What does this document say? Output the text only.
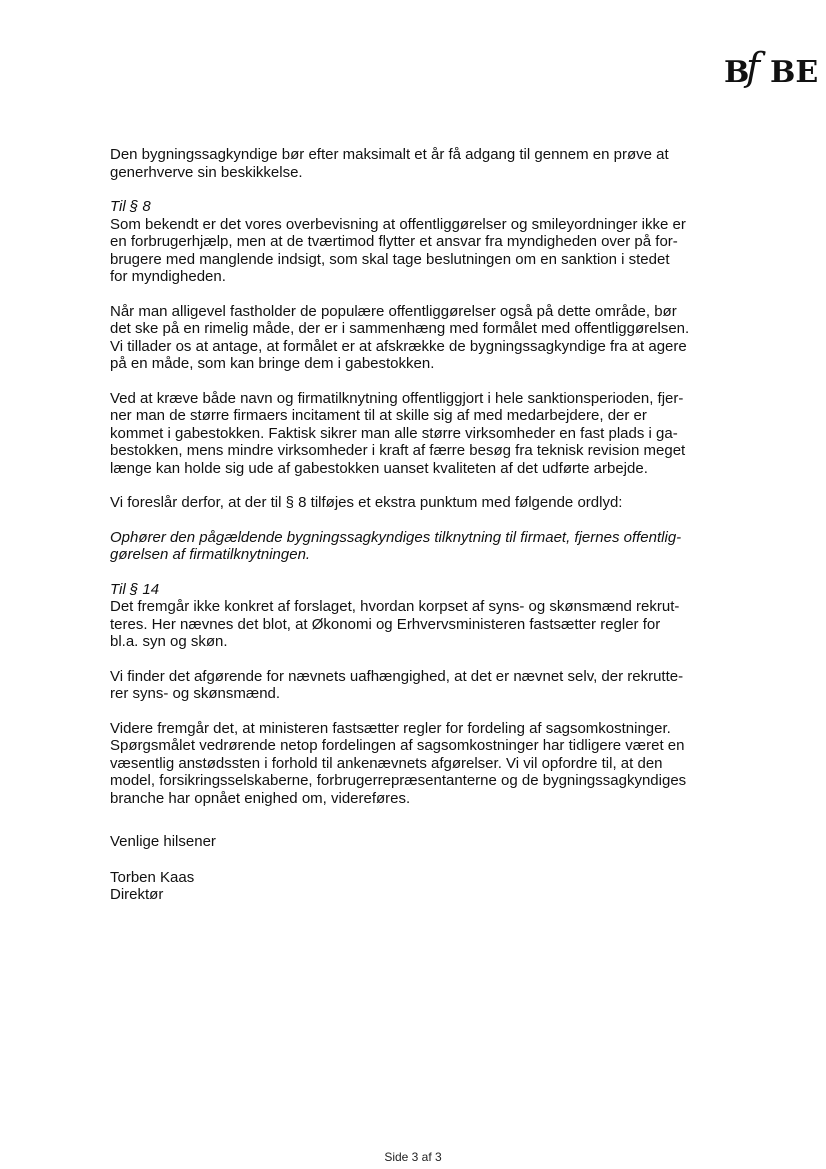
B
f BE
Den bygningssagkyndige bør efter maksimalt et år få adgang til gennem en prøve at
generhverve sin beskikkelse.
Til § 8
Som bekendt er det vores overbevisning at offentliggørelser og smileyordninger ikke er
en forbrugerhjælp, men at de tværtimod flytter et ansvar fra myndigheden over på for-
brugere med manglende indsigt, som skal tage beslutningen om en sanktion i stedet
for myndigheden.
Når man alligevel fastholder de populære offentliggørelser også på dette område, bør
det ske på en rimelig måde, der er i sammenhæng med formålet med offentliggørelsen.
Vi tillader os at antage, at formålet er at afskrække de bygningssagkyndige fra at agere
på en måde, som kan bringe dem i gabestokken.
Ved at kræve både navn og firmatilknytning offentliggjort i hele sanktionsperioden, fjer-
ner man de større firmaers incitament til at skille sig af med medarbejdere, der er
kommet i gabestokken. Faktisk sikrer man alle større virksomheder en fast plads i ga-
bestokken, mens mindre virksomheder i kraft af færre besøg fra teknisk revision meget
længe kan holde sig ude af gabestokken uanset kvaliteten af det udførte arbejde.
Vi foreslår derfor, at der til § 8 tilføjes et ekstra punktum med følgende ordlyd:
Ophører den pågældende bygningssagkyndiges tilknytning til firmaet, fjernes offentlig-
gørelsen af firmatilknytningen.
Til § 14
Det fremgår ikke konkret af forslaget, hvordan korpset af syns- og skønsmænd rekrut-
teres. Her nævnes det blot, at Økonomi og Erhvervsministeren fastsætter regler for
bl.a. syn og skøn.
Vi finder det afgørende for nævnets uafhængighed, at det er nævnet selv, der rekrutte-
rer syns- og skønsmænd.
Videre fremgår det, at ministeren fastsætter regler for fordeling af sagsomkostninger.
Spørgsmålet vedrørende netop fordelingen af sagsomkostninger har tidligere været en
væsentlig anstødssten i forhold til ankenævnets afgørelser. Vi vil opfordre til, at den
model, forsikringsselskaberne, forbrugerrepræsentanterne og de bygningssagkyndiges
branche har opnået enighed om, videreføres.
Venlige hilsener
Torben Kaas
Direktør
Side 3 af 3
